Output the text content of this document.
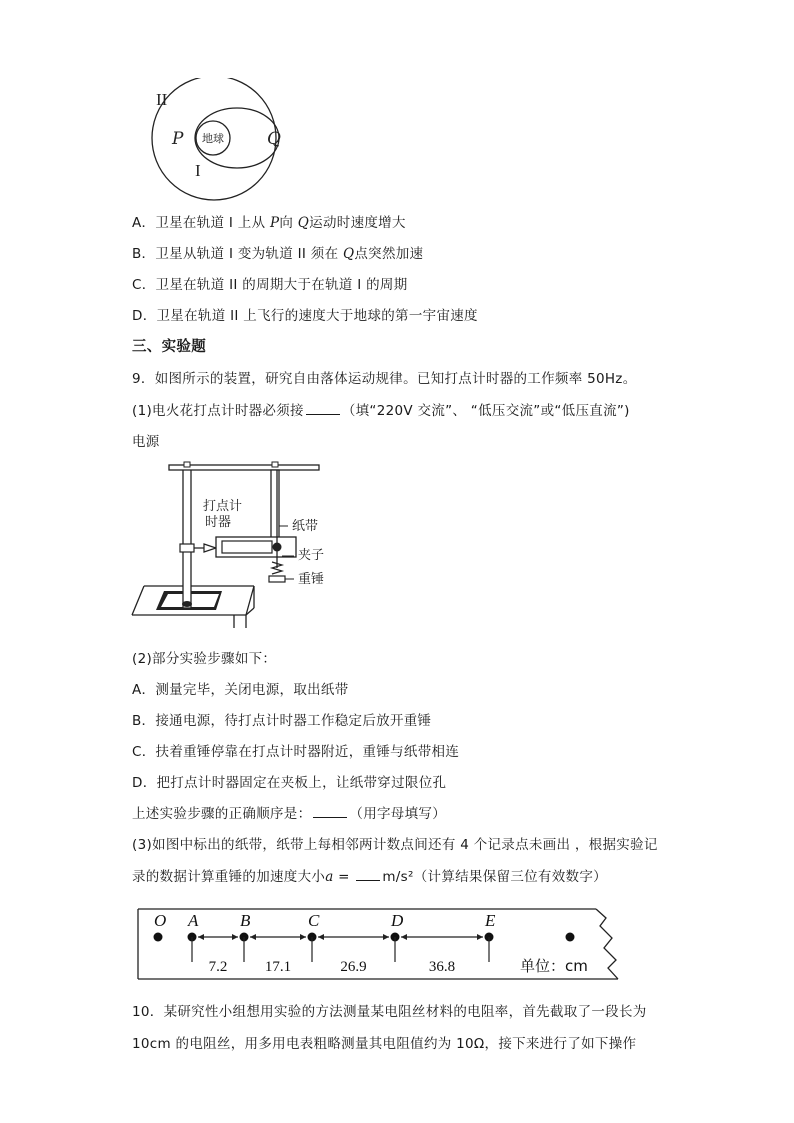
地球
II
I
P	Q
A．卫星在轨道 I 上从 P向 Q运动时速度增大
B．卫星从轨道 I 变为轨道 II 须在 Q点突然加速
C．卫星在轨道 II 的周期大于在轨道 I 的周期
D．卫星在轨道 II 上飞行的速度大于地球的第一宇宙速度
三、实验题
9．如图所示的装置，研究自由落体运动规律。已知打点计时器的工作频率 50Hz。
(1)电火花打点计时器必须接	（填“220V 交流”、 “低压交流”或“低压直流”)
电源
打点计
时器	纸带
夹子
重锤
(2)部分实验步骤如下：
A．测量完毕，关闭电源，取出纸带
B．接通电源，待打点计时器工作稳定后放开重锤
C．扶着重锤停靠在打点计时器附近，重锤与纸带相连
D．把打点计时器固定在夹板上，让纸带穿过限位孔
上述实验步骤的正确顺序是：	（用字母填写）
(3)如图中标出的纸带，纸带上每相邻两计数点间还有 4 个记录点未画出 ，根据实验记
录的数据计算重锤的加速度大小a = m/s²（计算结果保留三位有效数字）
O A B	C	D	E
7.2	17.1	26.9	36.8	单位：cm
10．某研究性小组想用实验的方法测量某电阻丝材料的电阻率，首先截取了一段长为
10cm 的电阻丝，用多用电表粗略测量其电阻值约为 10Ω，接下来进行了如下操作
